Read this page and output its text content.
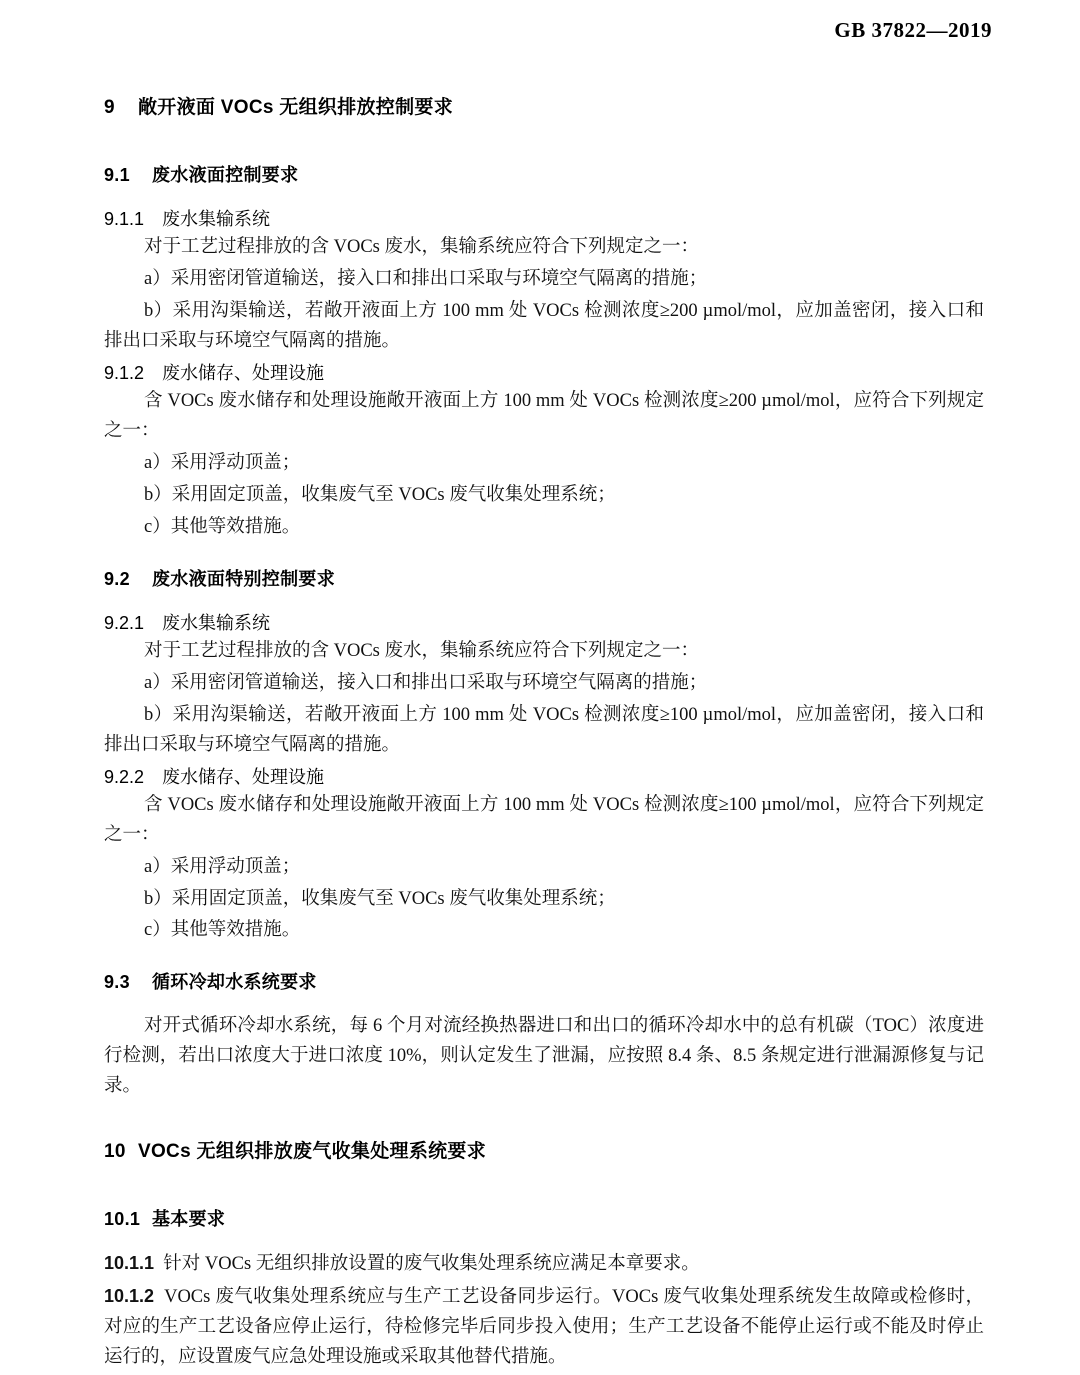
GB 37822—2019
9 敞开液面 VOCs 无组织排放控制要求
9.1 废水液面控制要求
9.1.1 废水集输系统

对于工艺过程排放的含 VOCs 废水，集输系统应符合下列规定之一：

a）采用密闭管道输送，接入口和排出口采取与环境空气隔离的措施；

b）采用沟渠输送，若敞开液面上方 100 mm 处 VOCs 检测浓度≥200 µmol/mol，应加盖密闭，接入口和排出口采取与环境空气隔离的措施。

9.1.2 废水储存、处理设施

含 VOCs 废水储存和处理设施敞开液面上方 100 mm 处 VOCs 检测浓度≥200 µmol/mol，应符合下列规定之一：

a）采用浮动顶盖；

b）采用固定顶盖，收集废气至 VOCs 废气收集处理系统；

c）其他等效措施。

9.2 废水液面特别控制要求
9.2.1 废水集输系统

对于工艺过程排放的含 VOCs 废水，集输系统应符合下列规定之一：

a）采用密闭管道输送，接入口和排出口采取与环境空气隔离的措施；

b）采用沟渠输送，若敞开液面上方 100 mm 处 VOCs 检测浓度≥100 µmol/mol，应加盖密闭，接入口和排出口采取与环境空气隔离的措施。

9.2.2 废水储存、处理设施

含 VOCs 废水储存和处理设施敞开液面上方 100 mm 处 VOCs 检测浓度≥100 µmol/mol，应符合下列规定之一：

a）采用浮动顶盖；

b）采用固定顶盖，收集废气至 VOCs 废气收集处理系统；

c）其他等效措施。

9.3 循环冷却水系统要求

对开式循环冷却水系统，每 6 个月对流经换热器进口和出口的循环冷却水中的总有机碳（TOC）浓度进行检测，若出口浓度大于进口浓度 10%，则认定发生了泄漏，应按照 8.4 条、8.5 条规定进行泄漏源修复与记录。

10 VOCs 无组织排放废气收集处理系统要求
10.1 基本要求

10.1.1 针对 VOCs 无组织排放设置的废气收集处理系统应满足本章要求。

10.1.2 VOCs 废气收集处理系统应与生产工艺设备同步运行。VOCs 废气收集处理系统发生故障或检修时，对应的生产工艺设备应停止运行，待检修完毕后同步投入使用；生产工艺设备不能停止运行或不能及时停止运行的，应设置废气应急处理设施或采取其他替代措施。
